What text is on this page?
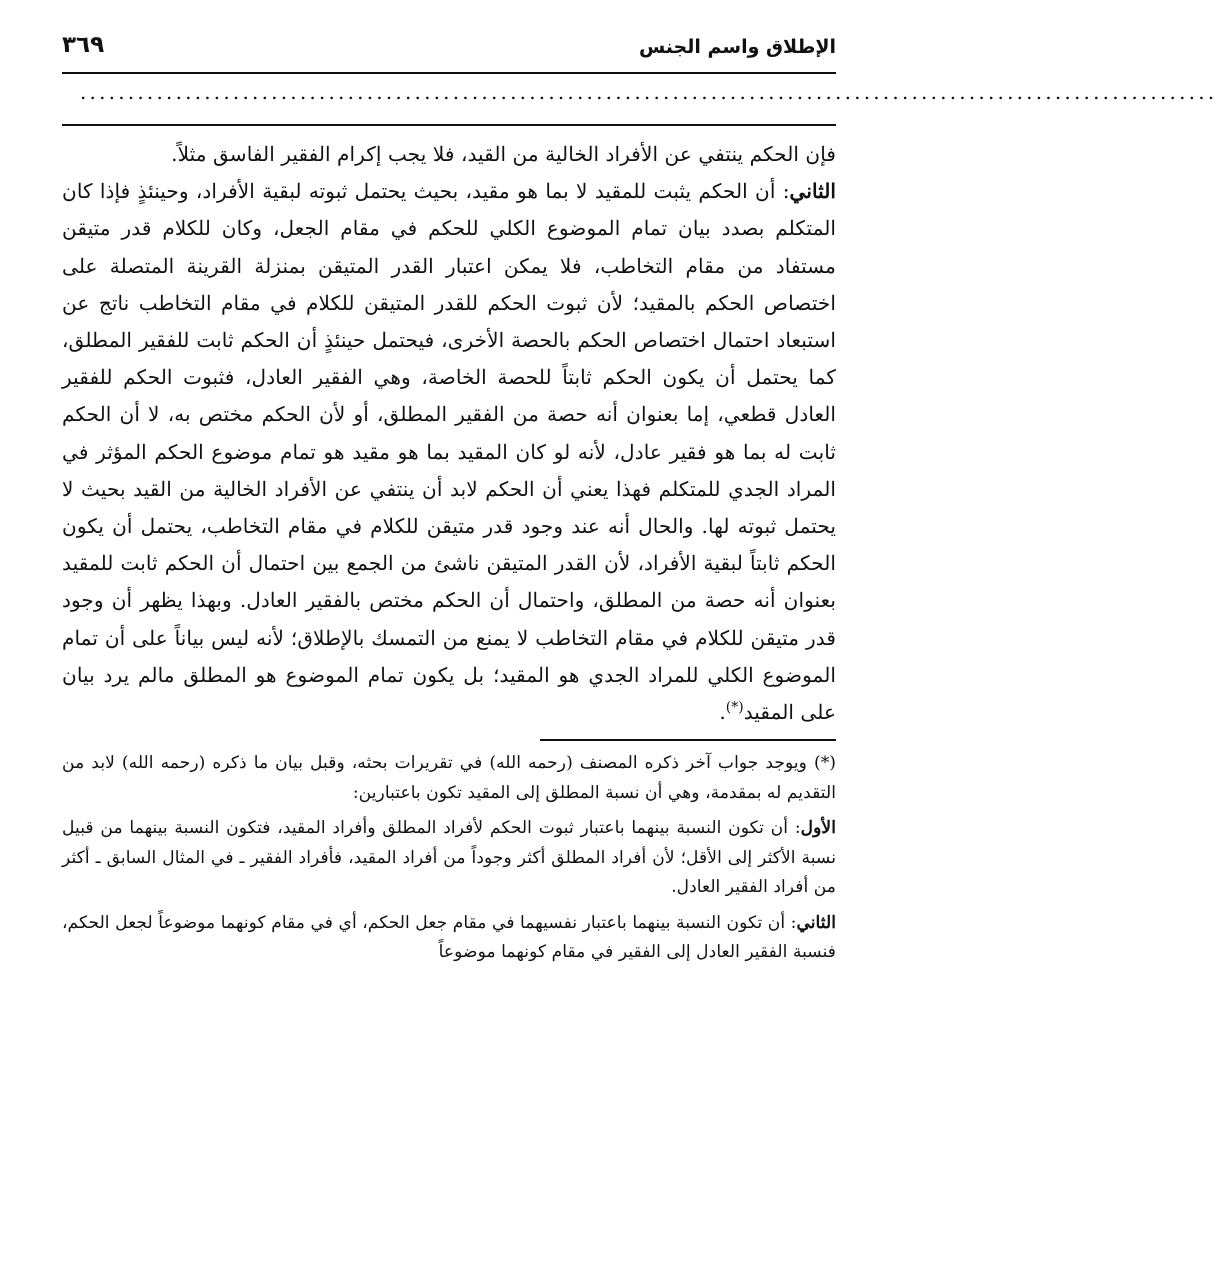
الإطلاق واسم الجنس
٣٦٩
.......................................................................................................................

فإن الحكم ينتفي عن الأفراد الخالية من القيد، فلا يجب إكرام الفقير الفاسق مثلاً.

الثاني: أن الحكم يثبت للمقيد لا بما هو مقيد، بحيث يحتمل ثبوته لبقية الأفراد، وحينئذٍ فإذا كان المتكلم بصدد بيان تمام الموضوع الكلي للحكم في مقام الجعل، وكان للكلام قدر متيقن مستفاد من مقام التخاطب، فلا يمكن اعتبار القدر المتيقن بمنزلة القرينة المتصلة على اختصاص الحكم بالمقيد؛ لأن ثبوت الحكم للقدر المتيقن للكلام في مقام التخاطب ناتج عن استبعاد احتمال اختصاص الحكم بالحصة الأخرى، فيحتمل حينئذٍ أن الحكم ثابت للفقير المطلق، كما يحتمل أن يكون الحكم ثابتاً للحصة الخاصة، وهي الفقير العادل، فثبوت الحكم للفقير العادل قطعي، إما بعنوان أنه حصة من الفقير المطلق، أو لأن الحكم مختص به، لا أن الحكم ثابت له بما هو فقير عادل، لأنه لو كان المقيد بما هو مقيد هو تمام موضوع الحكم المؤثر في المراد الجدي للمتكلم فهذا يعني أن الحكم لابد أن ينتفي عن الأفراد الخالية من القيد بحيث لا يحتمل ثبوته لها. والحال أنه عند وجود قدر متيقن للكلام في مقام التخاطب، يحتمل أن يكون الحكم ثابتاً لبقية الأفراد، لأن القدر المتيقن ناشئ من الجمع بين احتمال أن الحكم ثابت للمقيد بعنوان أنه حصة من المطلق، واحتمال أن الحكم مختص بالفقير العادل. وبهذا يظهر أن وجود قدر متيقن للكلام في مقام التخاطب لا يمنع من التمسك بالإطلاق؛ لأنه ليس بياناً على أن تمام الموضوع الكلي للمراد الجدي هو المقيد؛ بل يكون تمام الموضوع هو المطلق مالم يرد بيان على المقيد(*).

(*) ويوجد جواب آخر ذكره المصنف (رحمه الله) في تقريرات بحثه، وقبل بيان ما ذكره (رحمه الله) لابد من التقديم له بمقدمة، وهي أن نسبة المطلق إلى المقيد تكون باعتبارين:

الأول: أن تكون النسبة بينهما باعتبار ثبوت الحكم لأفراد المطلق وأفراد المقيد، فتكون النسبة بينهما من قبيل نسبة الأكثر إلى الأقل؛ لأن أفراد المطلق أكثر وجوداً من أفراد المقيد، فأفراد الفقير ـ في المثال السابق ـ أكثر من أفراد الفقير العادل.

الثاني: أن تكون النسبة بينهما باعتبار نفسيهما في مقام جعل الحكم، أي في مقام كونهما موضوعاً لجعل الحكم، فنسبة الفقير العادل إلى الفقير في مقام كونهما موضوعاً
